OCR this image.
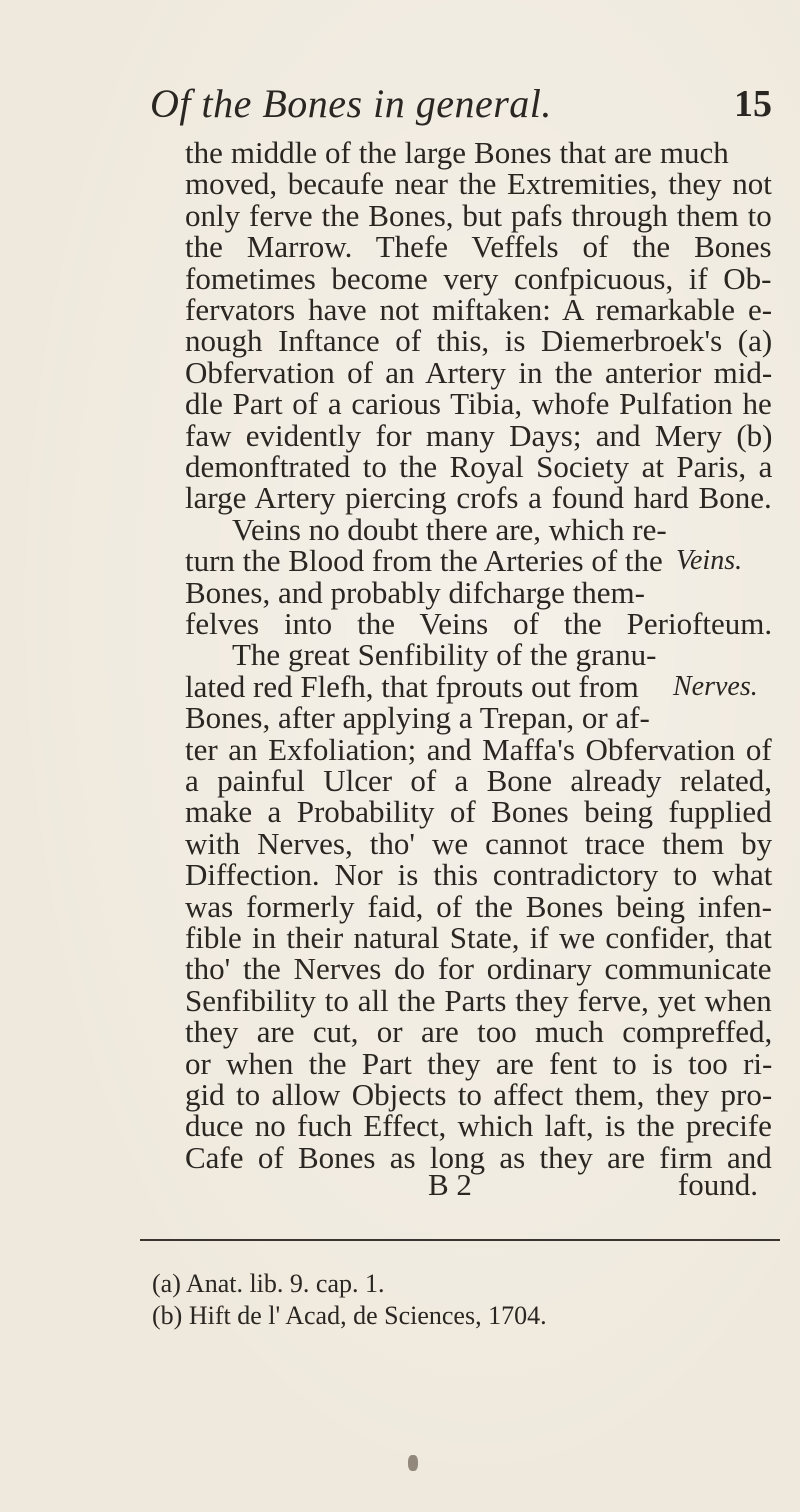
Of the Bones in general.	15
the middle of the large Bones that are much
moved, becaufe near the Extremities, they not
only ferve the Bones, but pafs through them to
the Marrow. Thefe Veffels of the Bones
fometimes become very confpicuous, if Ob-
fervators have not miftaken: A remarkable e-
nough Inftance of this, is Diemerbroek's (a)
Obfervation of an Artery in the anterior mid-
dle Part of a carious Tibia, whofe Pulfation he
faw evidently for many Days; and Mery (b)
demonftrated to the Royal Society at Paris, a
large Artery piercing crofs a found hard Bone.
Veins no doubt there are, which re-
turn the Blood from the Arteries of the
Bones, and probably difcharge them-
felves into the Veins of the Periofteum.
The great Senfibility of the granu-
lated red Flefh, that fprouts out from
Bones, after applying a Trepan, or af-
ter an Exfoliation; and Maffa's Obfervation of
a painful Ulcer of a Bone already related,
make a Probability of Bones being fupplied
with Nerves, tho' we cannot trace them by
Diffection. Nor is this contradictory to what
was formerly faid, of the Bones being infen-
fible in their natural State, if we confider, that
tho' the Nerves do for ordinary communicate
Senfibility to all the Parts they ferve, yet when
they are cut, or are too much compreffed,
or when the Part they are fent to is too ri-
gid to allow Objects to affect them, they pro-
duce no fuch Effect, which laft, is the precife
Cafe of Bones as long as they are firm and
Veins.
Nerves.
B 2	found.
(a) Anat. lib. 9. cap. 1.
(b) Hift de l' Acad, de Sciences, 1704.
